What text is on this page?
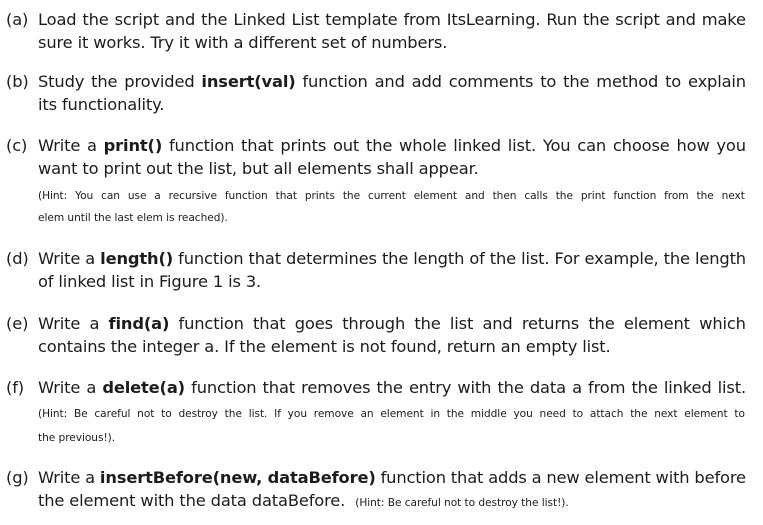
(a) Load the script and the Linked List template from ItsLearning. Run the script and make
sure it works. Try it with a different set of numbers.
(b) Study the provided insert(val) function and add comments to the method to explain
its functionality.
(c) Write a print() function that prints out the whole linked list. You can choose how you
want to print out the list, but all elements shall appear.
(Hint: You can use a recursive function that prints the current element and then calls the print function from the next
elem until the last elem is reached).
(d) Write a length() function that determines the length of the list. For example, the length
of linked list in Figure 1 is 3.
(e) Write a find(a) function that goes through the list and returns the element which
contains the integer a. If the element is not found, return an empty list.
(f) Write a delete(a) function that removes the entry with the data a from the linked list.
(Hint: Be careful not to destroy the list. If you remove an element in the middle you need to attach the next element to
the previous!).
(g) Write a insertBefore(new, dataBefore) function that adds a new element with before
the element with the data dataBefore. (Hint: Be careful not to destroy the list!).
